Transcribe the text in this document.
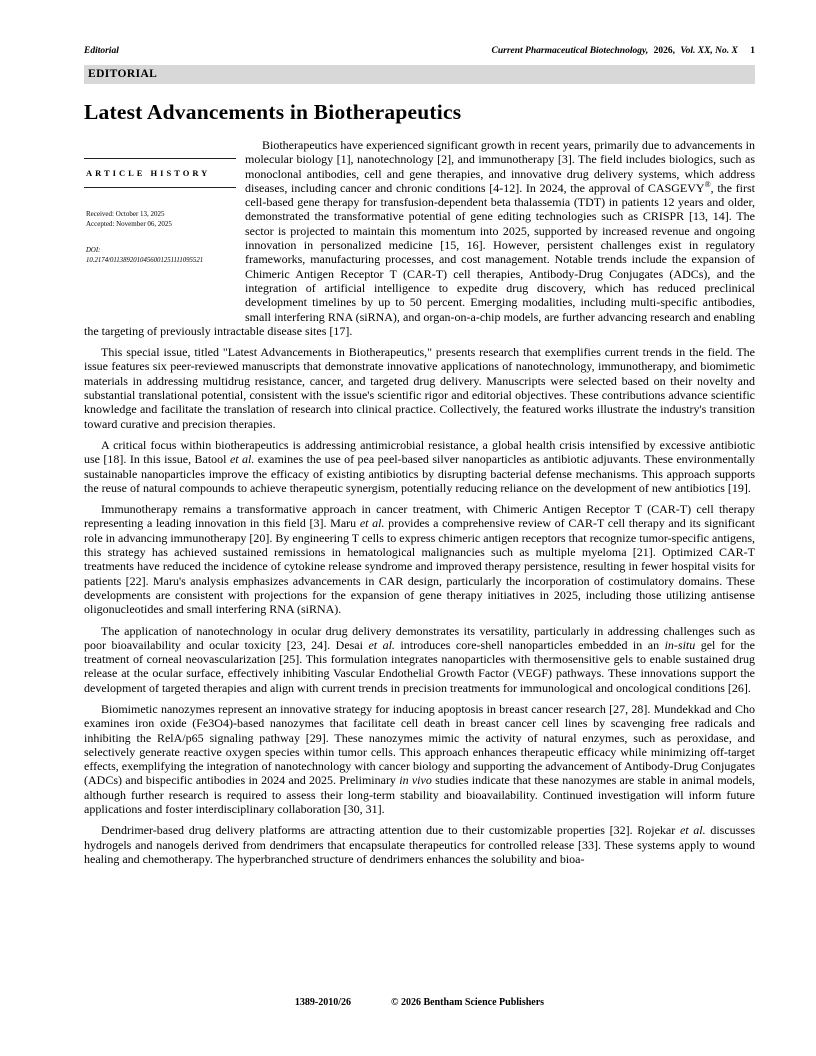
Editorial	Current Pharmaceutical Biotechnology, 2026, Vol. XX, No. X 1
EDITORIAL
Latest Advancements in Biotherapeutics
ARTICLE HISTORY
Received: October 13, 2025
Accepted: November 06, 2025
DOI:
10.2174/0113892010456001251111095521

Biotherapeutics have experienced significant growth in recent years, primarily due to advancements in molecular biology [1], nanotechnology [2], and immunotherapy [3]. The field includes biologics, such as monoclonal antibodies, cell and gene therapies, and innovative drug delivery systems, which address diseases, including cancer and chronic conditions [4-12]. In 2024, the approval of CASGEVY®, the first cell-based gene therapy for transfusion-dependent beta thalassemia (TDT) in patients 12 years and older, demonstrated the transformative potential of gene editing technologies such as CRISPR [13, 14]. The sector is projected to maintain this momentum into 2025, supported by increased revenue and ongoing innovation in personalized medicine [15, 16]. However, persistent challenges exist in regulatory frameworks, manufacturing processes, and cost management. Notable trends include the expansion of Chimeric Antigen Receptor T (CAR-T) cell therapies, Antibody-Drug Conjugates (ADCs), and the integration of artificial intelligence to expedite drug discovery, which has reduced preclinical development timelines by up to 50 percent. Emerging modalities, including multi-specific antibodies, small interfering RNA (siRNA), and organ-on-a-chip models, are further advancing research and enabling the targeting of previously intractable disease sites [17].

This special issue, titled "Latest Advancements in Biotherapeutics," presents research that exemplifies current trends in the field. The issue features six peer-reviewed manuscripts that demonstrate innovative applications of nanotechnology, immunotherapy, and biomimetic materials in addressing multidrug resistance, cancer, and targeted drug delivery. Manuscripts were selected based on their novelty and substantial translational potential, consistent with the issue's scientific rigor and editorial objectives. These contributions advance scientific knowledge and facilitate the translation of research into clinical practice. Collectively, the featured works illustrate the industry's transition toward curative and precision therapies.

A critical focus within biotherapeutics is addressing antimicrobial resistance, a global health crisis intensified by excessive antibiotic use [18]. In this issue, Batool et al. examines the use of pea peel-based silver nanoparticles as antibiotic adjuvants. These environmentally sustainable nanoparticles improve the efficacy of existing antibiotics by disrupting bacterial defense mechanisms. This approach supports the reuse of natural compounds to achieve therapeutic synergism, potentially reducing reliance on the development of new antibiotics [19].

Immunotherapy remains a transformative approach in cancer treatment, with Chimeric Antigen Receptor T (CAR-T) cell therapy representing a leading innovation in this field [3]. Maru et al. provides a comprehensive review of CAR-T cell therapy and its significant role in advancing immunotherapy [20]. By engineering T cells to express chimeric antigen receptors that recognize tumor-specific antigens, this strategy has achieved sustained remissions in hematological malignancies such as multiple myeloma [21]. Optimized CAR-T treatments have reduced the incidence of cytokine release syndrome and improved therapy persistence, resulting in fewer hospital visits for patients [22]. Maru's analysis emphasizes advancements in CAR design, particularly the incorporation of costimulatory domains. These developments are consistent with projections for the expansion of gene therapy initiatives in 2025, including those utilizing antisense oligonucleotides and small interfering RNA (siRNA).

The application of nanotechnology in ocular drug delivery demonstrates its versatility, particularly in addressing challenges such as poor bioavailability and ocular toxicity [23, 24]. Desai et al. introduces core-shell nanoparticles embedded in an in-situ gel for the treatment of corneal neovascularization [25]. This formulation integrates nanoparticles with thermosensitive gels to enable sustained drug release at the ocular surface, effectively inhibiting Vascular Endothelial Growth Factor (VEGF) pathways. These innovations support the development of targeted therapies and align with current trends in precision treatments for immunological and oncological conditions [26].

Biomimetic nanozymes represent an innovative strategy for inducing apoptosis in breast cancer research [27, 28]. Mundekkad and Cho examines iron oxide (Fe3O4)-based nanozymes that facilitate cell death in breast cancer cell lines by scavenging free radicals and inhibiting the RelA/p65 signaling pathway [29]. These nanozymes mimic the activity of natural enzymes, such as peroxidase, and selectively generate reactive oxygen species within tumor cells. This approach enhances therapeutic efficacy while minimizing off-target effects, exemplifying the integration of nanotechnology with cancer biology and supporting the advancement of Antibody-Drug Conjugates (ADCs) and bispecific antibodies in 2024 and 2025. Preliminary in vivo studies indicate that these nanozymes are stable in animal models, although further research is required to assess their long-term stability and bioavailability. Continued investigation will inform future applications and foster interdisciplinary collaboration [30, 31].

Dendrimer-based drug delivery platforms are attracting attention due to their customizable properties [32]. Rojekar et al. discusses hydrogels and nanogels derived from dendrimers that encapsulate therapeutics for controlled release [33]. These systems apply to wound healing and chemotherapy. The hyperbranched structure of dendrimers enhances the solubility and bioa-

1389-2010/26	© 2026 Bentham Science Publishers
